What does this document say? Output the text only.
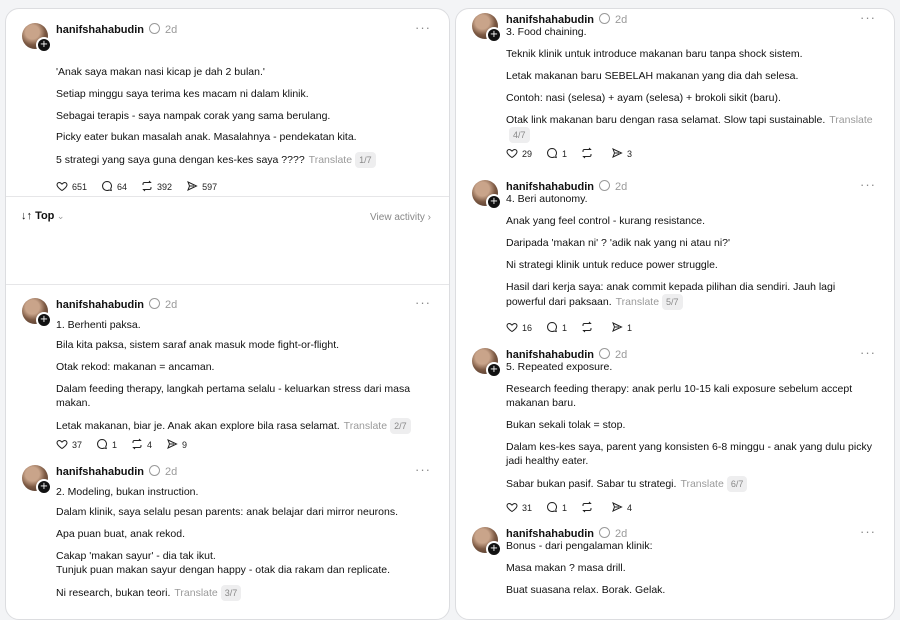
+
hanifshahabudin 2d	···

'Anak saya makan nasi kicap je dah 2 bulan.'

Setiap minggu saya terima kes macam ni dalam klinik.

Sebagai terapis - saya nampak corak yang sama berulang.

Picky eater bukan masalah anak. Masalahnya - pendekatan kita.

5 strategi yang saya guna dengan kes-kes saya ???? Translate 1/7

651	64	392	597
↓↑ Top ⌄	View activity ›
+
hanifshahabudin 2d	···

1. Berhenti paksa.

Bila kita paksa, sistem saraf anak masuk mode fight-or-flight.

Otak rekod: makanan = ancaman.

Dalam feeding therapy, langkah pertama selalu - keluarkan stress dari masa makan.

Letak makanan, biar je. Anak akan explore bila rasa selamat. Translate 2/7

37	1	4	9
+
hanifshahabudin 2d	···

2. Modeling, bukan instruction.

Dalam klinik, saya selalu pesan parents: anak belajar dari mirror neurons.

Apa puan buat, anak rekod.

Cakap 'makan sayur' - dia tak ikut.
Tunjuk puan makan sayur dengan happy - otak dia rakam dan replicate.

Ni research, bukan teori. Translate 3/7

+
hanifshahabudin 2d	···

3. Food chaining.

Teknik klinik untuk introduce makanan baru tanpa shock sistem.

Letak makanan baru SEBELAH makanan yang dia dah selesa.

Contoh: nasi (selesa) + ayam (selesa) + brokoli sikit (baru).

Otak link makanan baru dengan rasa selamat. Slow tapi sustainable. Translate4/7

29	1	3
+
hanifshahabudin 2d	···

4. Beri autonomy.

Anak yang feel control - kurang resistance.

Daripada 'makan ni' ? 'adik nak yang ni atau ni?'

Ni strategi klinik untuk reduce power struggle.

Hasil dari kerja saya: anak commit kepada pilihan dia sendiri. Jauh lagi powerful dari paksaan. Translate 5/7

16	1	1
+
hanifshahabudin 2d	···

5. Repeated exposure.

Research feeding therapy: anak perlu 10-15 kali exposure sebelum accept makanan baru.

Bukan sekali tolak = stop.

Dalam kes-kes saya, parent yang konsisten 6-8 minggu - anak yang dulu picky jadi healthy eater.

Sabar bukan pasif. Sabar tu strategi. Translate 6/7

31	1	4
+
hanifshahabudin 2d	···

Bonus - dari pengalaman klinik:

Masa makan ? masa drill.

Buat suasana relax. Borak. Gelak.
